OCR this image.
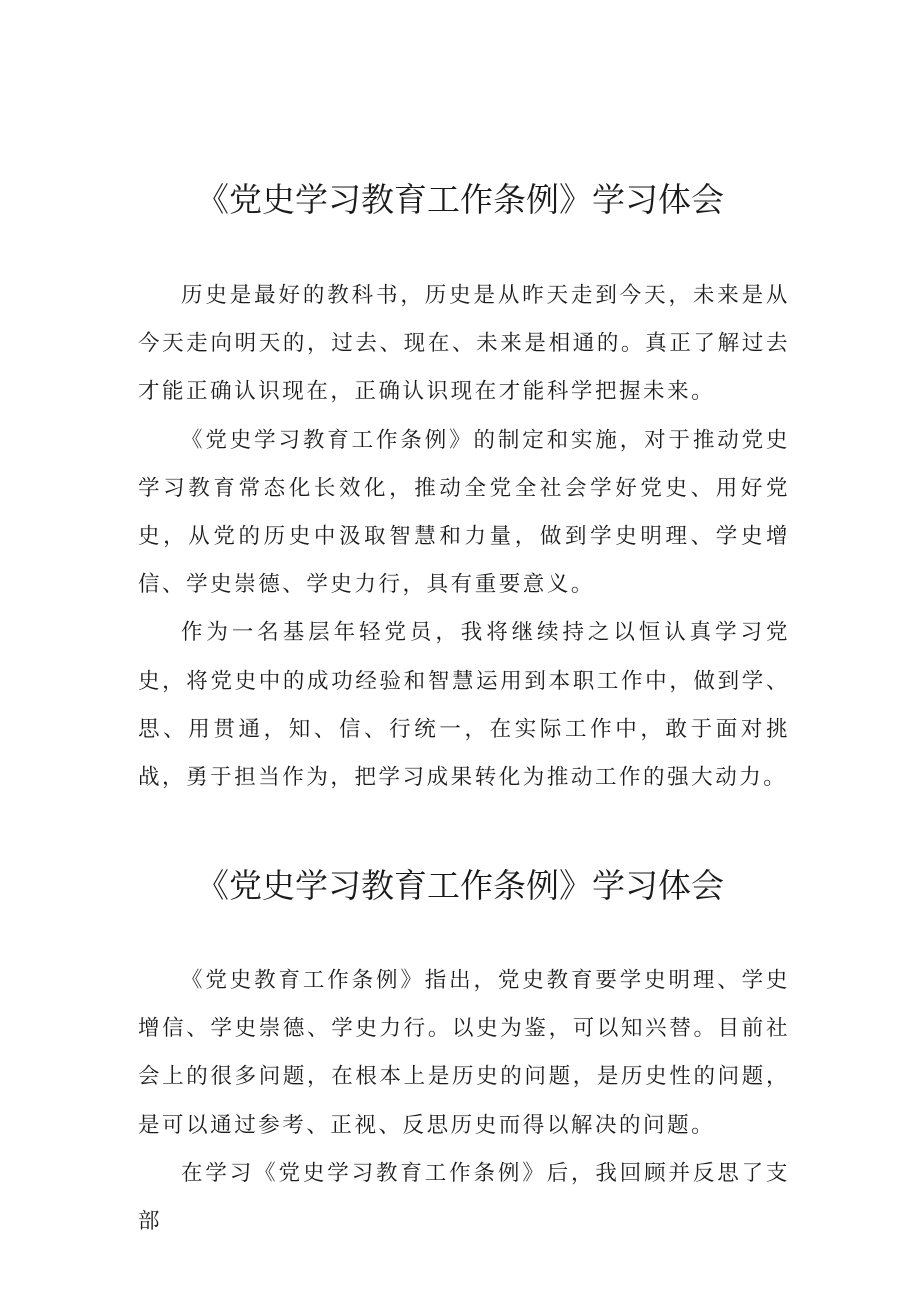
《党史学习教育工作条例》学习体会

历史是最好的教科书，历史是从昨天走到今天，未来是从今天走向明天的，过去、现在、未来是相通的。真正了解过去才能正确认识现在，正确认识现在才能科学把握未来。

《党史学习教育工作条例》的制定和实施，对于推动党史学习教育常态化长效化，推动全党全社会学好党史、用好党史，从党的历史中汲取智慧和力量，做到学史明理、学史增信、学史崇德、学史力行，具有重要意义。

作为一名基层年轻党员，我将继续持之以恒认真学习党史，将党史中的成功经验和智慧运用到本职工作中，做到学、思、用贯通，知、信、行统一，在实际工作中，敢于面对挑战，勇于担当作为，把学习成果转化为推动工作的强大动力。

《党史学习教育工作条例》学习体会

《党史教育工作条例》指出，党史教育要学史明理、学史增信、学史崇德、学史力行。以史为鉴，可以知兴替。目前社会上的很多问题，在根本上是历史的问题，是历史性的问题，是可以通过参考、正视、反思历史而得以解决的问题。

在学习《党史学习教育工作条例》后，我回顾并反思了支部
